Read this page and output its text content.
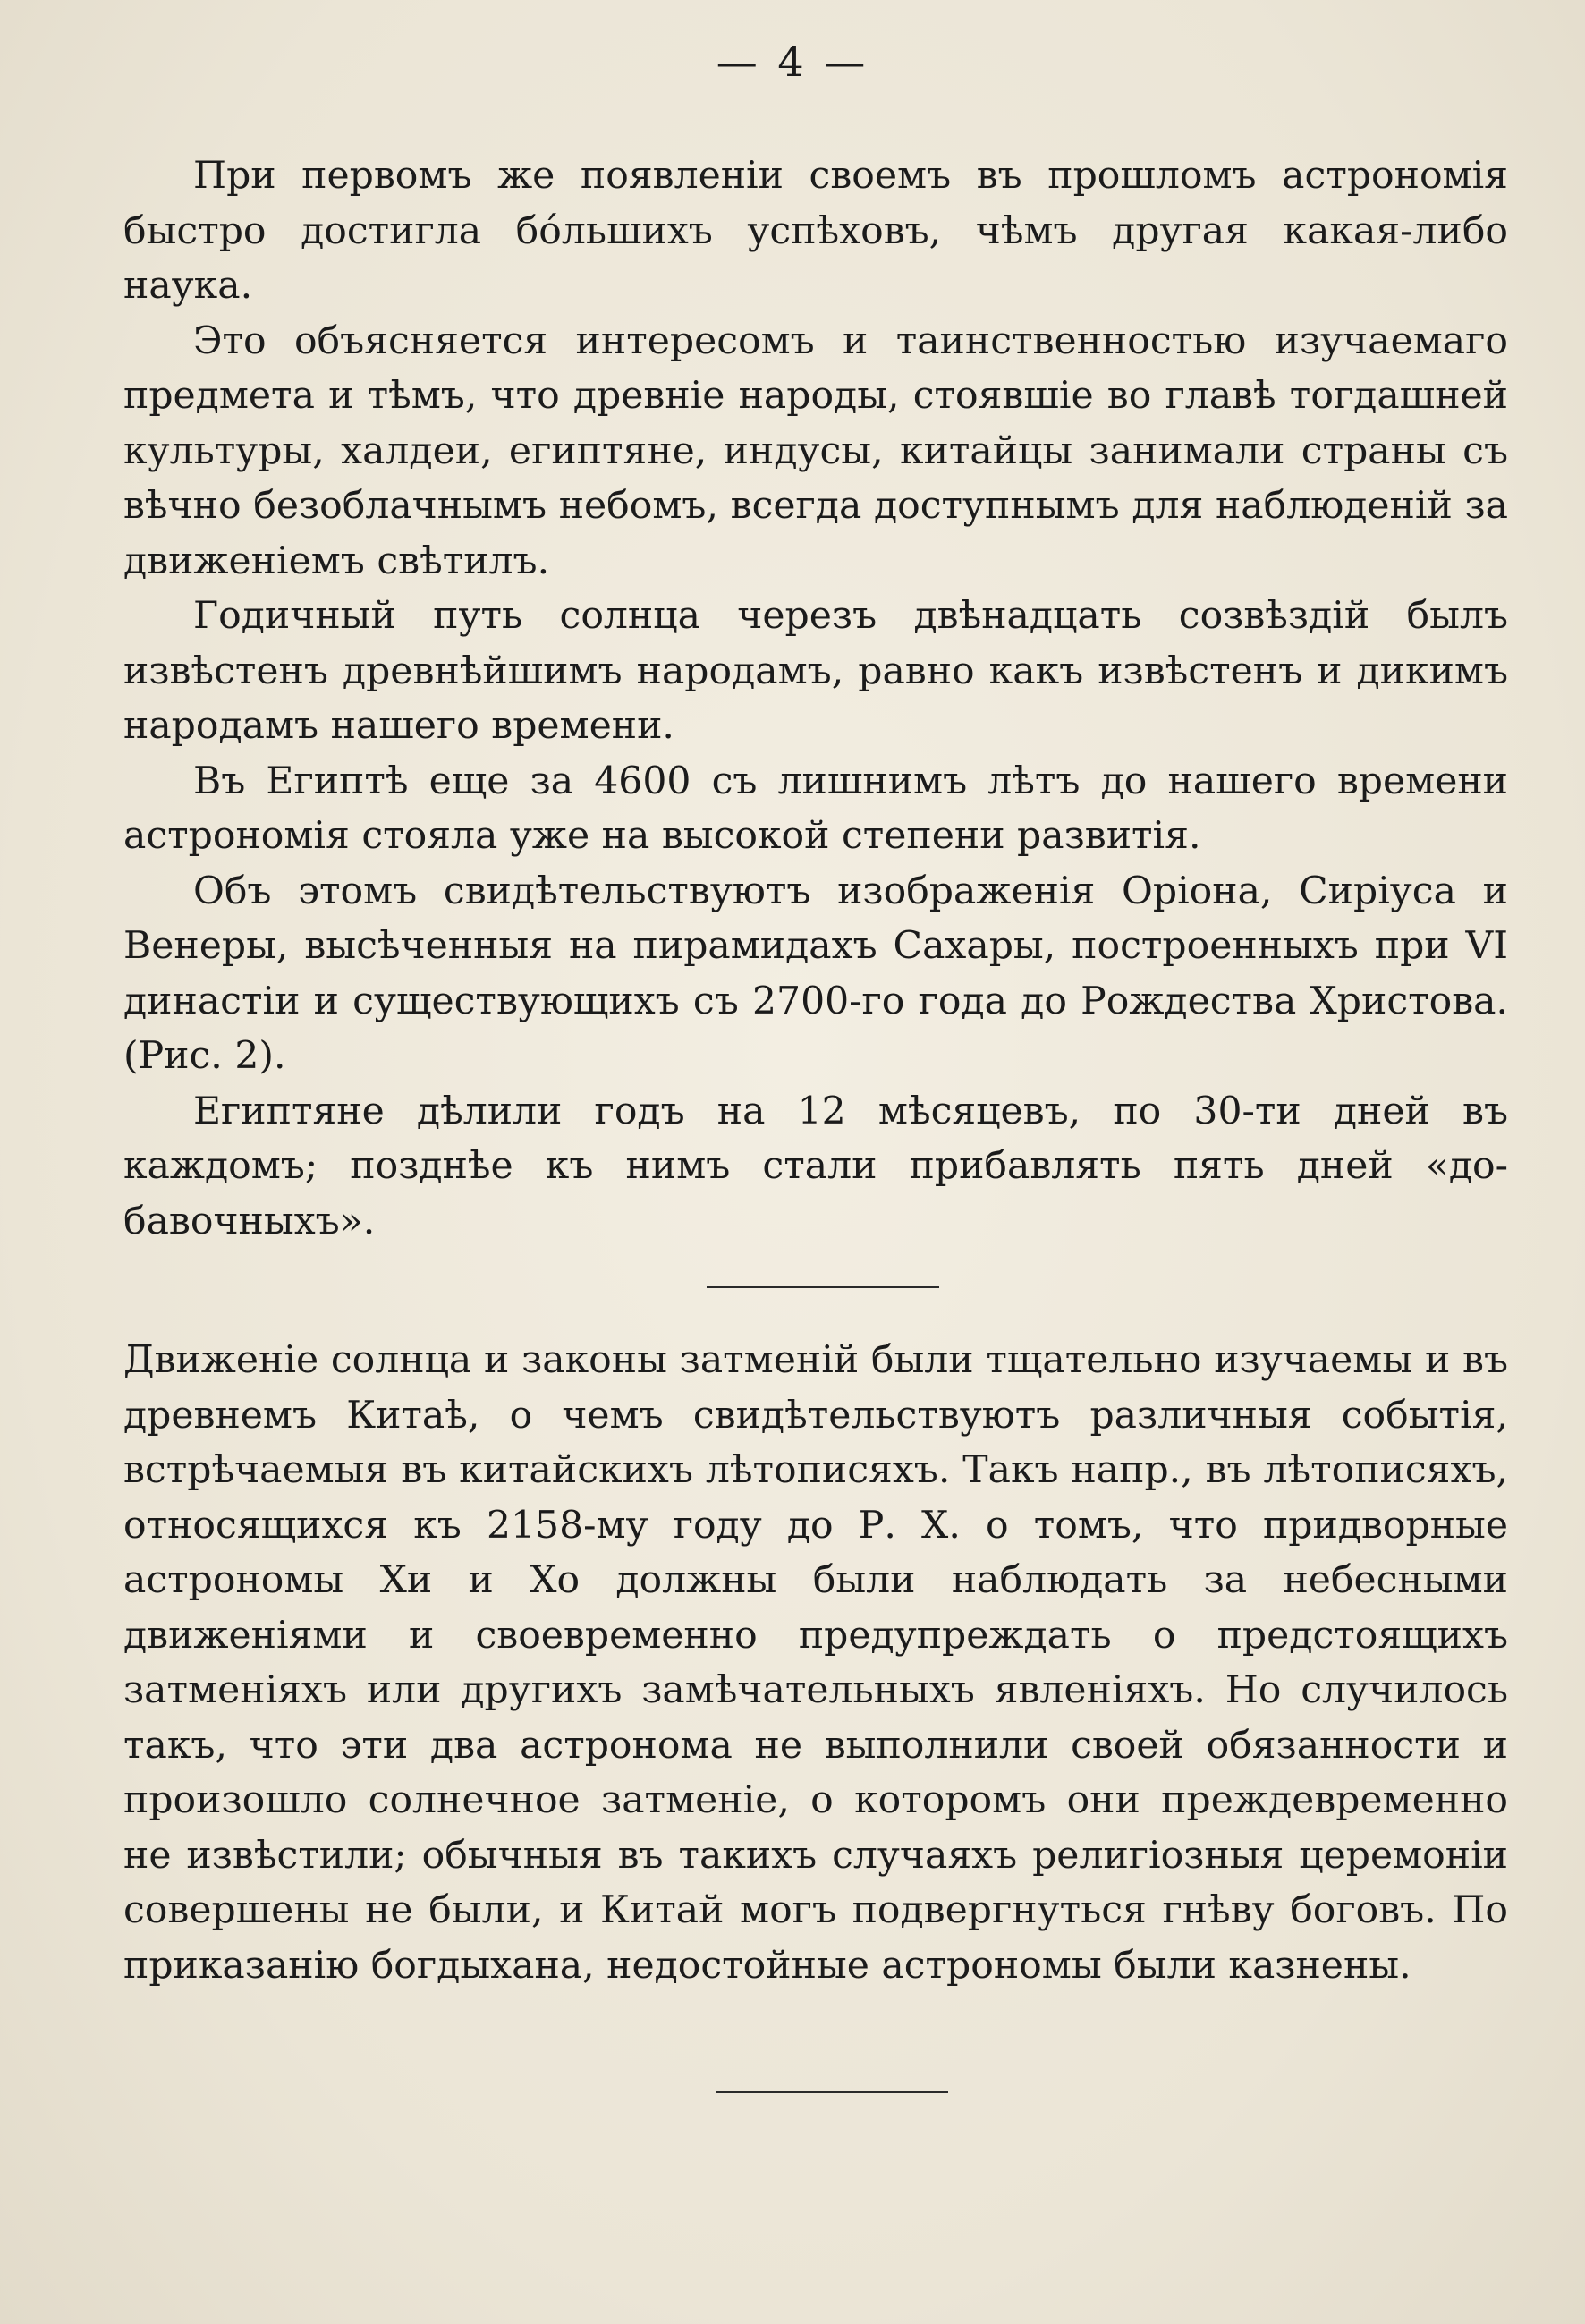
— 4 —

При первомъ же появленіи своемъ въ прошломъ астрономія быстро достигла бо́льшихъ успѣховъ, чѣмъ другая какая-либо наука.

Это объясняется интересомъ и таинственностью изучаемаго предмета и тѣмъ, что древніе народы, стоявшіе во главѣ тогдашней культуры, халдеи, египтяне, индусы, китайцы занимали страны съ вѣчно безоблачнымъ небомъ, всегда доступнымъ для наблюденій за движеніемъ свѣтилъ.

Годичный путь солнца черезъ двѣнадцать созвѣздій былъ извѣстенъ древнѣйшимъ народамъ, равно какъ извѣстенъ и дикимъ народамъ нашего времени.

Въ Египтѣ еще за 4600 съ лишнимъ лѣтъ до нашего времени астрономія стояла уже на высокой степени развитія.

Объ этомъ свидѣтельствуютъ изображенія Оріона, Сиріуса и Венеры, высѣченныя на пирамидахъ Сахары, построенныхъ при VI династіи и существующихъ съ 2700-го года до Рождества Христова. (Рис. 2).

Египтяне дѣлили годъ на 12 мѣсяцевъ, по 30-ти дней въ каждомъ; позднѣе къ нимъ стали прибавлять пять дней «добавочныхъ».

Движеніе солнца и законы затменій были тщательно изучаемы и въ древнемъ Китаѣ, о чемъ свидѣтельствуютъ различныя событія, встрѣчаемыя въ китайскихъ лѣтописяхъ. Такъ напр., въ лѣтописяхъ, относящихся къ 2158-му году до Р. Х. о томъ, что придворные астрономы Хи и Хо должны были наблюдать за небесными движеніями и своевременно предупреждать о предстоящихъ затменіяхъ или другихъ замѣчательныхъ явленіяхъ. Но случилось такъ, что эти два астронома не выполнили своей обязанности и произошло солнечное затменіе, о которомъ они преждевременно не извѣстили; обычныя въ такихъ случаяхъ религіозныя церемоніи совершены не были, и Китай могъ подвергнуться гнѣву боговъ. По приказанію богдыхана, недостойные астрономы были казнены.
